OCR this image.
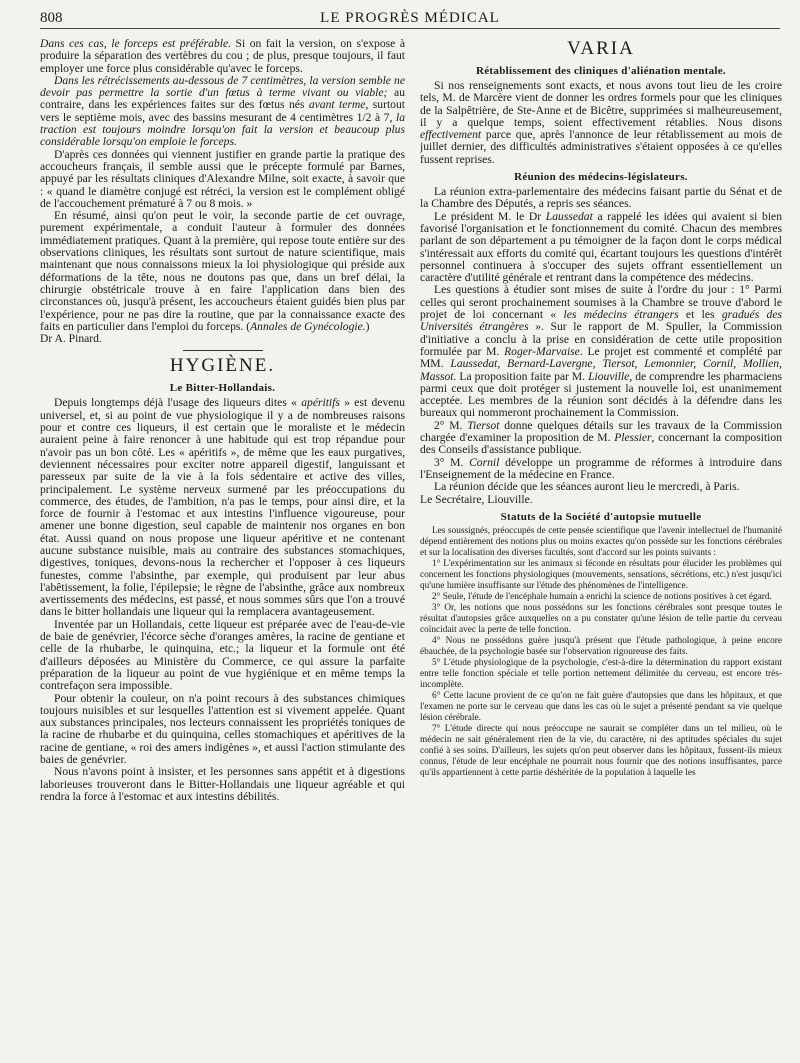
808	LE PROGRÈS MÉDICAL

Dans ces cas, le forceps est préférable. Si on fait la version, on s'expose à produire la séparation des vertèbres du cou ; de plus, presque toujours, il faut employer une force plus considérable qu'avec le forceps.

Dans les rétrécissements au-dessous de 7 centimètres, la version semble ne devoir pas permettre la sortie d'un fœtus à terme vivant ou viable; au contraire, dans les expériences faites sur des fœtus nés avant terme, surtout vers le septième mois, avec des bassins mesurant de 4 centimètres 1/2 à 7, la traction est toujours moindre lorsqu'on fait la version et beaucoup plus considérable lorsqu'on emploie le forceps.

D'après ces données qui viennent justifier en grande partie la pratique des accoucheurs français, il semble aussi que le précepte formulé par Barnes, appuyé par les résultats cliniques d'Alexandre Milne, soit exacte, à savoir que : « quand le diamètre conjugé est rétréci, la version est le complément obligé de l'accouchement prématuré à 7 ou 8 mois. »

En résumé, ainsi qu'on peut le voir, la seconde partie de cet ouvrage, purement expérimentale, a conduit l'auteur à formuler des données immédiatement pratiques. Quant à la première, qui repose toute entière sur des observations cliniques, les résultats sont surtout de nature scientifique, mais maintenant que nous connaissons mieux la loi physiologique qui préside aux déformations de la tête, nous ne doutons pas que, dans un bref délai, la chirurgie obstétricale trouve à en faire l'application dans bien des circonstances où, jusqu'à présent, les accoucheurs étaient guidés bien plus par l'expérience, pour ne pas dire la routine, que par la connaissance exacte des faits en particulier dans l'emploi du forceps. (Annales de Gynécologie.)

Dr A. Pinard.

HYGIÈNE.
Le Bitter-Hollandais.

Depuis longtemps déjà l'usage des liqueurs dites « apéritifs » est devenu universel, et, si au point de vue physiologique il y a de nombreuses raisons pour et contre ces liqueurs, il est certain que le moraliste et le médecin auraient peine à faire renoncer à une habitude qui est trop répandue pour n'avoir pas un bon côté. Les « apéritifs », de même que les eaux purgatives, deviennent nécessaires pour exciter notre appareil digestif, languissant et paresseux par suite de la vie à la fois sédentaire et active des villes, principalement. Le système nerveux surmené par les préoccupations du commerce, des études, de l'ambition, n'a pas le temps, pour ainsi dire, et la force de fournir à l'estomac et aux intestins l'influence vigoureuse, pour amener une bonne digestion, seul capable de maintenir nos organes en bon état. Aussi quand on nous propose une liqueur apéritive et ne contenant aucune substance nuisible, mais au contraire des substances stomachiques, digestives, toniques, devons-nous la rechercher et l'opposer à ces liqueurs funestes, comme l'absinthe, par exemple, qui produisent par leur abus l'abêtissement, la folie, l'épilepsie; le règne de l'absinthe, grâce aux nombreux avertissements des médecins, est passé, et nous sommes sûrs que l'on a trouvé dans le bitter hollandais une liqueur qui la remplacera avantageusement.

Inventée par un Hollandais, cette liqueur est préparée avec de l'eau-de-vie de baie de genévrier, l'écorce sèche d'oranges amères, la racine de gentiane et celle de la rhubarbe, le quinquina, etc.; la liqueur et la formule ont été d'ailleurs déposées au Ministère du Commerce, ce qui assure la parfaite préparation de la liqueur au point de vue hygiénique et en même temps la contrefaçon sera impossible.

Pour obtenir la couleur, on n'a point recours à des substances chimiques toujours nuisibles et sur lesquelles l'attention est si vivement appelée. Quant aux substances principales, nos lecteurs connaissent les propriétés toniques de la racine de rhubarbe et du quinquina, celles stomachiques et apéritives de la racine de gentiane, « roi des amers indigènes », et aussi l'action stimulante des baies de genévrier.

Nous n'avons point à insister, et les personnes sans appétit et à digestions laborieuses trouveront dans le Bitter-Hollandais une liqueur agréable et qui rendra la force à l'estomac et aux intestins débilités.

VARIA
Rétablissement des cliniques d'aliénation mentale.

Si nos renseignements sont exacts, et nous avons tout lieu de les croire tels, M. de Marcère vient de donner les ordres formels pour que les cliniques de la Salpêtrière, de Ste-Anne et de Bicêtre, supprimées si malheureusement, il y a quelque temps, soient effectivement rétablies. Nous disons effectivement parce que, après l'annonce de leur rétablissement au mois de juillet dernier, des difficultés administratives s'étaient opposées à ce qu'elles fussent reprises.

Réunion des médecins-législateurs.

La réunion extra-parlementaire des médecins faisant partie du Sénat et de la Chambre des Députés, a repris ses séances.

Le président M. le Dr Laussedat a rappelé les idées qui avaient si bien favorisé l'organisation et le fonctionnement du comité. Chacun des membres parlant de son département a pu témoigner de la façon dont le corps médical s'intéressait aux efforts du comité qui, écartant toujours les questions d'intérêt personnel continuera à s'occuper des sujets offrant essentiellement un caractère d'utilité générale et rentrant dans la compétence des médecins.

Les questions à étudier sont mises de suite à l'ordre du jour : 1° Parmi celles qui seront prochainement soumises à la Chambre se trouve d'abord le projet de loi concernant « les médecins étrangers et les gradués des Universités étrangères ». Sur le rapport de M. Spuller, la Commission d'initiative a conclu à la prise en considération de cette utile proposition formulée par M. Roger-Marvaise. Le projet est commenté et complété par MM. Laussedat, Bernard-Lavergne, Tiersot, Lemonnier, Cornil, Mollien, Massot. La proposition faite par M. Liouville, de comprendre les pharmaciens parmi ceux que doit protéger si justement la nouvelle loi, est unanimement acceptée. Les membres de la réunion sont décidés à la défendre dans les bureaux qui nommeront prochainement la Commission.

2° M. Tiersot donne quelques détails sur les travaux de la Commission chargée d'examiner la proposition de M. Plessier, concernant la composition des Conseils d'assistance publique.

3° M. Cornil développe un programme de réformes à introduire dans l'Enseignement de la médecine en France.

La réunion décide que les séances auront lieu le mercredi, à Paris.

Le Secrétaire, Liouville.

Statuts de la Société d'autopsie mutuelle

Les soussignés, préoccupés de cette pensée scientifique que l'avenir intellectuel de l'humanité dépend entièrement des notions plus ou moins exactes qu'on possède sur les fonctions cérébrales et sur la localisation des diverses facultés, sont d'accord sur les points suivants :

1° L'expérimentation sur les animaux si féconde en résultats pour élucider les problèmes qui concernent les fonctions physiologiques (mouvements, sensations, sécrétions, etc.) n'est jusqu'ici qu'une lumière insuffisante sur l'étude des phénomènes de l'intelligence.

2° Seule, l'étude de l'encéphale humain a enrichi la science de notions positives à cet égard.

3° Or, les notions que nous possédons sur les fonctions cérébrales sont presque toutes le résultat d'autopsies grâce auxquelles on a pu constater qu'une lésion de telle partie du cerveau coïncidait avec la perte de telle fonction.

4° Nous ne possédons guère jusqu'à présent que l'étude pathologique, à peine encore ébauchée, de la psychologie basée sur l'observation rigoureuse des faits.

5° L'étude physiologique de la psychologie, c'est-à-dire la détermination du rapport existant entre telle fonction spéciale et telle portion nettement délimitée du cerveau, est encore très-incomplète.

6° Cette lacune provient de ce qu'on ne fait guère d'autopsies que dans les hôpitaux, et que l'examen ne porte sur le cerveau que dans les cas où le sujet a présenté pendant sa vie quelque lésion cérébrale.

7° L'étude directe qui nous préoccupe ne saurait se compléter dans un tel milieu, où le médecin ne sait généralement rien de la vie, du caractère, ni des aptitudes spéciales du sujet confié à ses soins. D'ailleurs, les sujets qu'on peut observer dans les hôpitaux, fussent-ils mieux connus, l'étude de leur encéphale ne pourrait nous fournir que des notions insuffisantes, parce qu'ils appartiennent à cette partie déshéritée de la population à laquelle les
